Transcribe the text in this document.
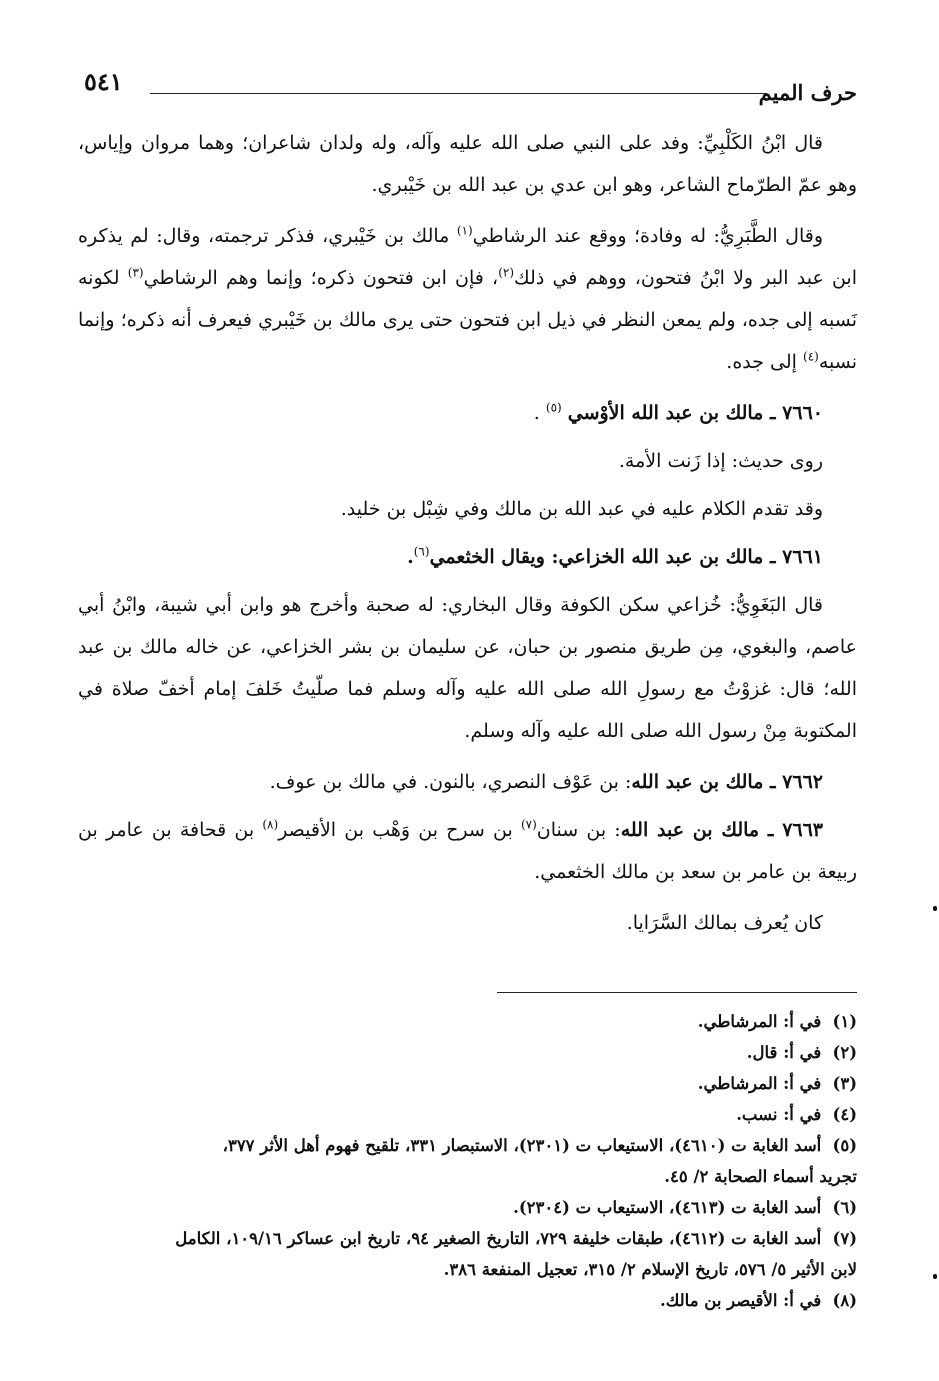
حرف الميم
٥٤١

قال ابْنُ الكَلْبِيِّ: وفد على النبي صلى الله عليه وآله، وله ولدان شاعران؛ وهما مروان وإياس، وهو عمّ الطرّماح الشاعر، وهو ابن عدي بن عبد الله بن خَيْبري.

وقال الطَّبَرِيُّ: له وفادة؛ ووقع عند الرشاطي$^{(١)}$ مالك بن خَيْبري، فذكر ترجمته، وقال: لم يذكره ابن عبد البر ولا ابْنُ فتحون، ووهم في ذلك$^{(٢)}$، فإن ابن فتحون ذكره؛ وإنما وهم الرشاطي$^{(٣)}$ لكونه نَسبه إلى جده، ولم يمعن النظر في ذيل ابن فتحون حتى يرى مالك بن خَيْبري فيعرف أنه ذكره؛ وإنما نسبه$^{(٤)}$ إلى جده.

٧٦٦٠ ـ مالك بن عبد الله الأوْسي $^{(٥)}$ .

روى حديث: إذا زَنت الأمة.

وقد تقدم الكلام عليه في عبد الله بن مالك وفي شِبْل بن خليد.

٧٦٦١ ـ مالك بن عبد الله الخزاعي: ويقال الخثعمي$^{(٦)}$.

قال البَغَوِيُّ: خُزاعي سكن الكوفة وقال البخاري: له صحبة وأخرج هو وابن أبي شيبة، وابْنُ أبي عاصم، والبغوي، مِن طريق منصور بن حبان، عن سليمان بن بشر الخزاعي، عن خاله مالك بن عبد الله؛ قال: غزوْتُ مع رسولِ الله صلى الله عليه وآله وسلم فما صلّيتُ خَلفَ إمام أخفّ صلاة في المكتوبة مِنْ رسول الله صلى الله عليه وآله وسلم.

٧٦٦٢ ـ مالك بن عبد الله: بن عَوْف النصري، بالنون. في مالك بن عوف.

٧٦٦٣ ـ مالك بن عبد الله: بن سنان$^{(٧)}$ بن سرح بن وَهْب بن الأقيصر$^{(٨)}$ بن قحافة بن عامر بن ربيعة بن عامر بن سعد بن مالك الخثعمي.

كان يُعرف بمالك السَّرَايا.

(١) في أ: المرشاطي.

(٢) في أ: قال.

(٣) في أ: المرشاطي.

(٤) في أ: نسب.

(٥) أسد الغابة ت (٤٦١٠)، الاستيعاب ت (٢٣٠١)، الاستبصار ٣٣١، تلقيح فهوم أهل الأثر ٣٧٧،

تجريد أسماء الصحابة ٢/ ٤٥.

(٦) أسد الغابة ت (٤٦١٣)، الاستيعاب ت (٢٣٠٤).

(٧) أسد الغابة ت (٤٦١٢)، طبقات خليفة ٧٢٩، التاريخ الصغير ٩٤، تاريخ ابن عساكر ١٠٩/١٦، الكامل

لابن الأثير ٥/ ٥٧٦، تاريخ الإسلام ٢/ ٣١٥، تعجيل المنفعة ٣٨٦.

(٨) في أ: الأقيصر بن مالك.
